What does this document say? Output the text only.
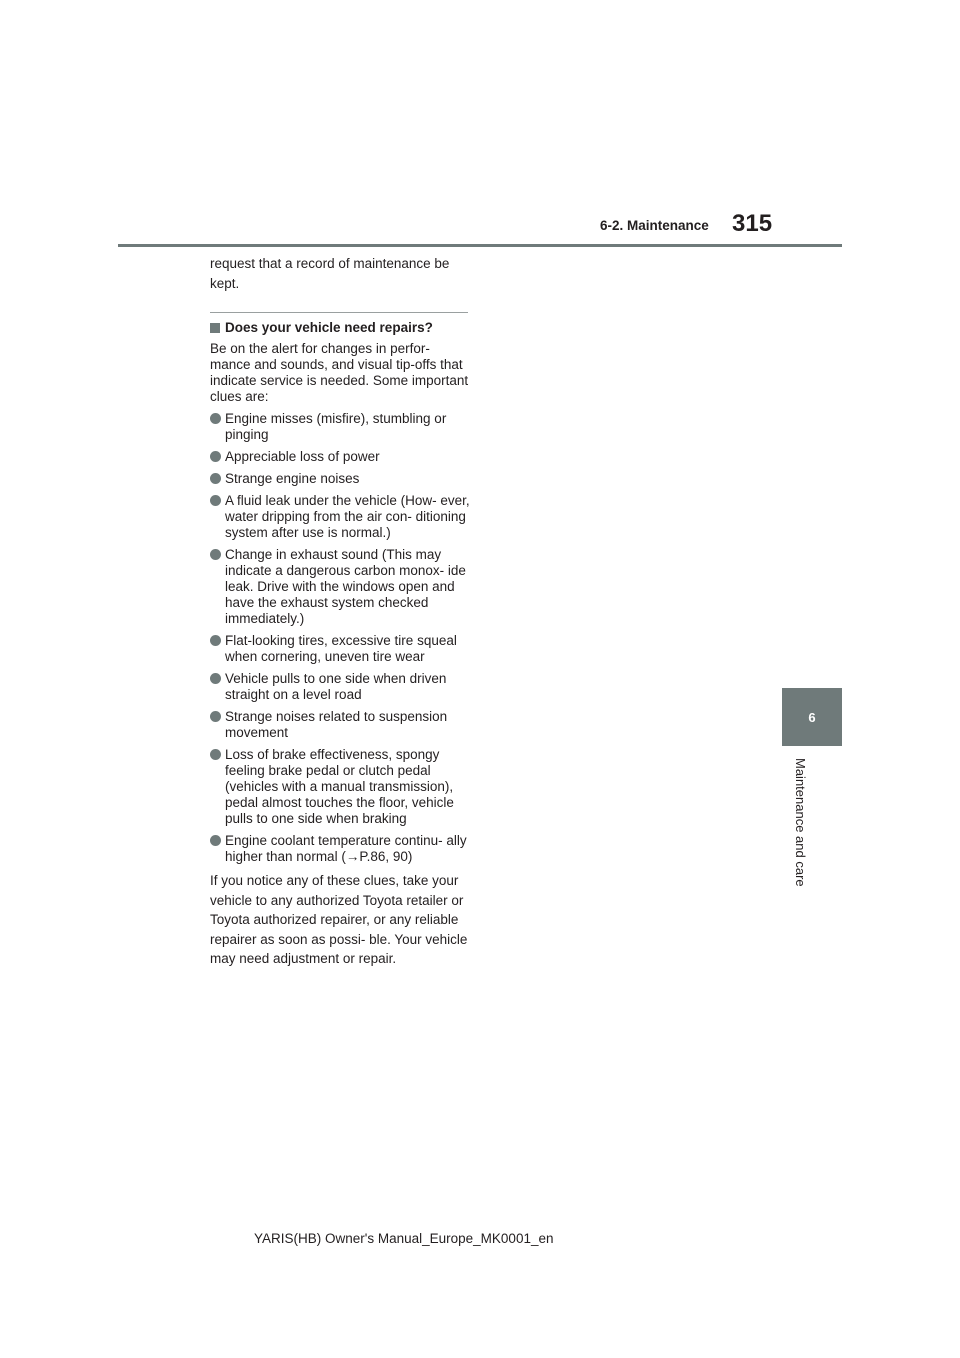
6-2. Maintenance 315
6
Maintenance and care

request that a record of maintenance be kept.

Does your vehicle need repairs?

Be on the alert for changes in perfor- mance and sounds, and visual tip-offs that indicate service is needed. Some important clues are:

Engine misses (misfire), stumbling or pinging
Appreciable loss of power
Strange engine noises
A fluid leak under the vehicle (How- ever, water dripping from the air con- ditioning system after use is normal.)
Change in exhaust sound (This may indicate a dangerous carbon monox- ide leak. Drive with the windows open and have the exhaust system checked immediately.)
Flat-looking tires, excessive tire squeal when cornering, uneven tire wear
Vehicle pulls to one side when driven straight on a level road
Strange noises related to suspension movement
Loss of brake effectiveness, spongy feeling brake pedal or clutch pedal (vehicles with a manual transmission), pedal almost touches the floor, vehicle pulls to one side when braking
Engine coolant temperature continu- ally higher than normal (→P.86, 90)

If you notice any of these clues, take your vehicle to any authorized Toyota retailer or Toyota authorized repairer, or any reliable repairer as soon as possi- ble. Your vehicle may need adjustment or repair.

YARIS(HB) Owner's Manual_Europe_MK0001_en
